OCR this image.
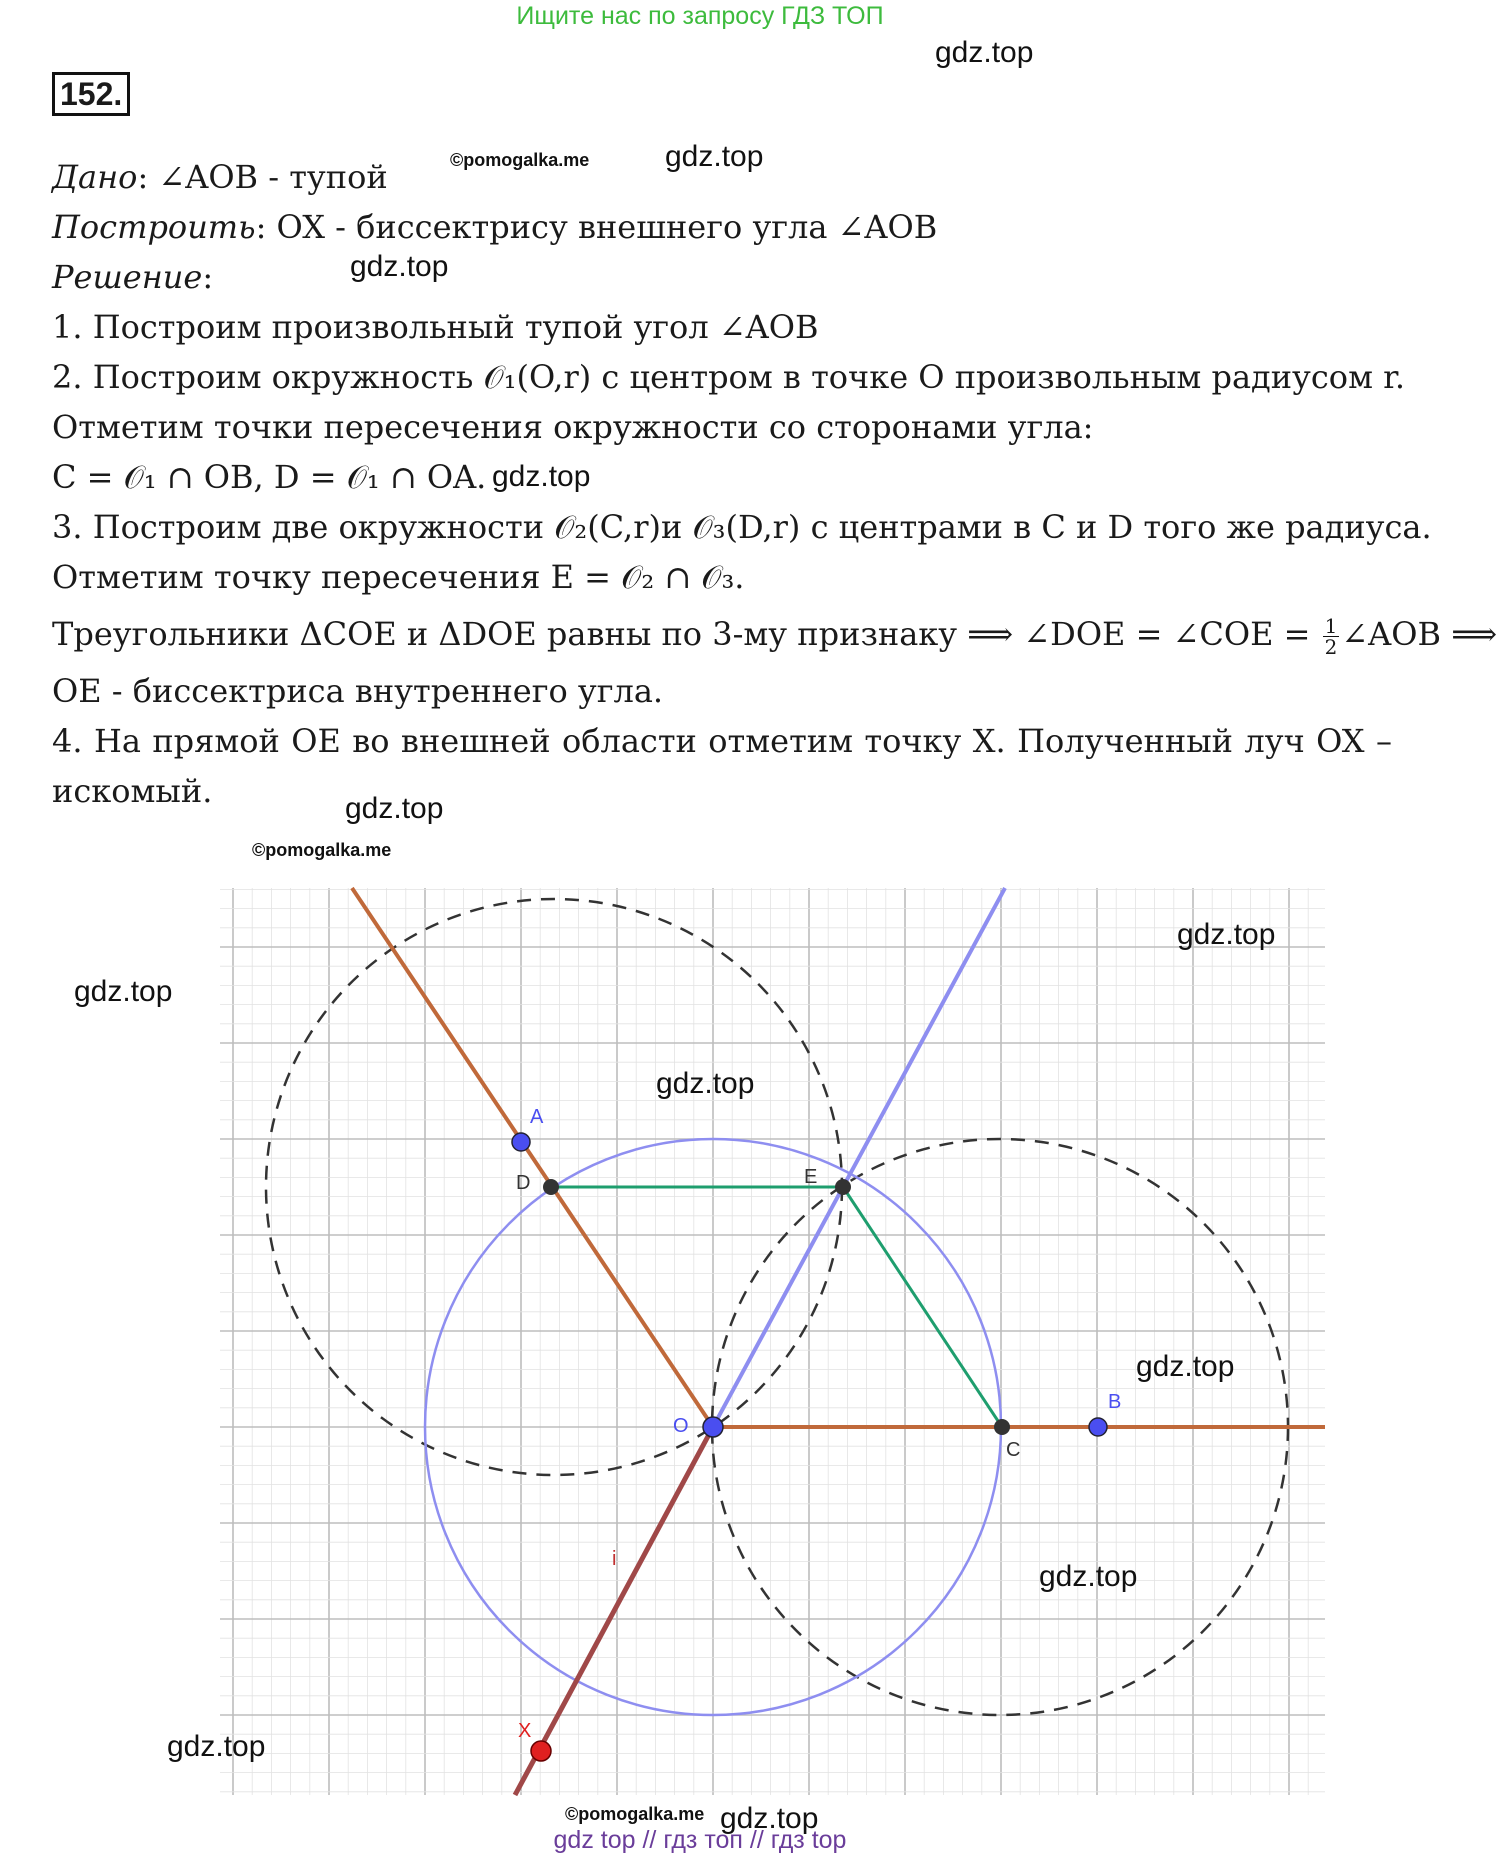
Ищите нас по запросу ГДЗ ТОП
152.
gdz.top
gdz.top
©pomogalka.me
gdz.top
gdz.top
gdz.top
©pomogalka.me
Дано: ∠AOB - тупой
Построить: OX - биссектрису внешнего угла ∠AOB
Решение:
1. Построим произвольный тупой угол ∠AOB
2. Построим окружность 𝒪₁(O,r) с центром в точке O произвольным радиусом r.
Отметим точки пересечения окружности со сторонами угла:
C = 𝒪₁ ∩ OB, D = 𝒪₁ ∩ OA.
3. Построим две окружности 𝒪₂(C,r)и 𝒪₃(D,r) с центрами в C и D того же радиуса.
Отметим точку пересечения E = 𝒪₂ ∩ 𝒪₃.
Треугольники ΔCOE и ΔDOE равны по 3-му признаку ⟹ ∠DOE = ∠COE = $\frac{1}{2}$ ∠AOB ⟹
OE - биссектриса внутреннего угла.
4. На прямой OE во внешней области отметим точку X. Полученный луч OX –
искомый.
A
B
C
D	E
O
X
i
gdz.top
gdz.top
gdz.top
gdz.top
gdz.top
gdz.top
gdz.top
©pomogalka.me
gdz top // гдз топ // гдз top
